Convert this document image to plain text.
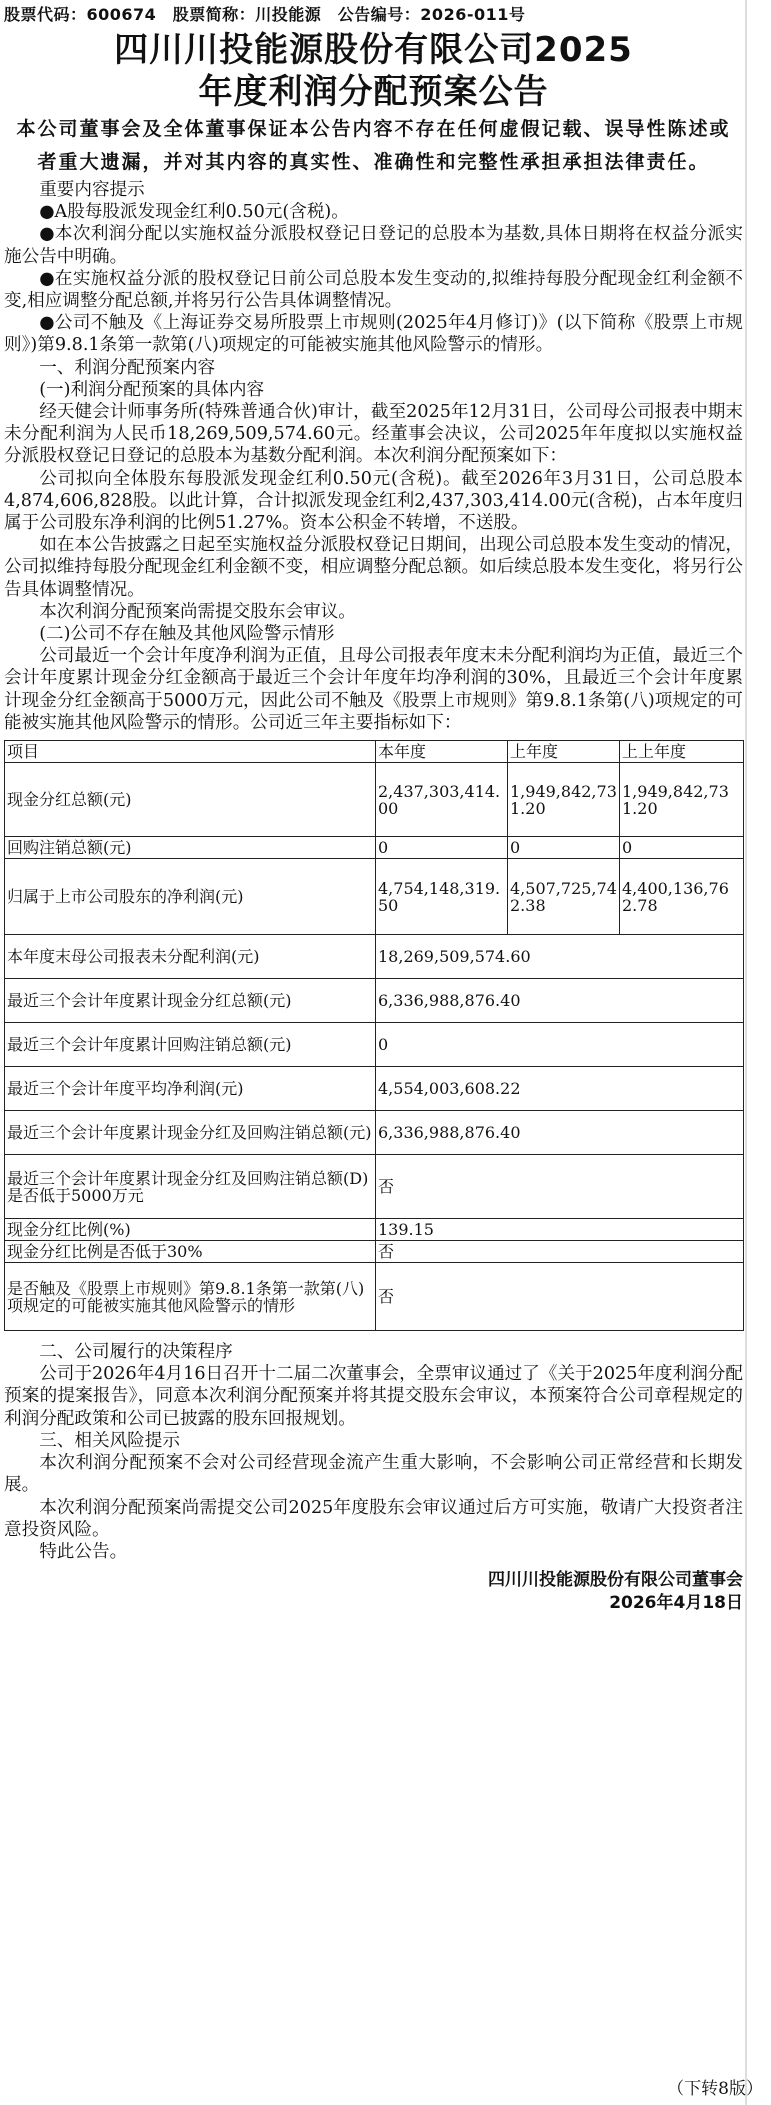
股票代码：600674　股票简称：川投能源　公告编号：2026-011号
四川川投能源股份有限公司2025
年度利润分配预案公告
本公司董事会及全体董事保证本公告内容不存在任何虚假记载、误导性陈述或者重大遗漏，并对其内容的真实性、准确性和完整性承担承担法律责任。

重要内容提示

●A股每股派发现金红利0.50元(含税)。

●本次利润分配以实施权益分派股权登记日登记的总股本为基数,具体日期将在权益分派实施公告中明确。

●在实施权益分派的股权登记日前公司总股本发生变动的,拟维持每股分配现金红利金额不变,相应调整分配总额,并将另行公告具体调整情况。

●公司不触及《上海证券交易所股票上市规则(2025年4月修订)》(以下简称《股票上市规则》)第9.8.1条第一款第(八)项规定的可能被实施其他风险警示的情形。

一、利润分配预案内容

(一)利润分配预案的具体内容

经天健会计师事务所(特殊普通合伙)审计，截至2025年12月31日，公司母公司报表中期末未分配利润为人民币18,269,509,574.60元。经董事会决议，公司2025年年度拟以实施权益分派股权登记日登记的总股本为基数分配利润。本次利润分配预案如下：

公司拟向全体股东每股派发现金红利0.50元(含税)。截至2026年3月31日，公司总股本4,874,606,828股。以此计算，合计拟派发现金红利2,437,303,414.00元(含税)，占本年度归属于公司股东净利润的比例51.27%。资本公积金不转增，不送股。

如在本公告披露之日起至实施权益分派股权登记日期间，出现公司总股本发生变动的情况，公司拟维持每股分配现金红利金额不变，相应调整分配总额。如后续总股本发生变化，将另行公告具体调整情况。

本次利润分配预案尚需提交股东会审议。

(二)公司不存在触及其他风险警示情形

公司最近一个会计年度净利润为正值，且母公司报表年度末未分配利润均为正值，最近三个会计年度累计现金分红金额高于最近三个会计年度年均净利润的30%，且最近三个会计年度累计现金分红金额高于5000万元，因此公司不触及《股票上市规则》第9.8.1条第(八)项规定的可能被实施其他风险警示的情形。公司近三年主要指标如下：

项目	本年度	上年度	上上年度
现金分红总额(元)	2,437,303,414.00	1,949,842,731.20	1,949,842,731.20
回购注销总额(元)	0	0	0
归属于上市公司股东的净利润(元)	4,754,148,319.50	4,507,725,742.38	4,400,136,762.78
本年度末母公司报表未分配利润(元)	18,269,509,574.60		
最近三个会计年度累计现金分红总额(元)	6,336,988,876.40		
最近三个会计年度累计回购注销总额(元)	0		
最近三个会计年度平均净利润(元)	4,554,003,608.22		
最近三个会计年度累计现金分红及回购注销总额(元)	6,336,988,876.40		
最近三个会计年度累计现金分红及回购注销总额(D)是否低于5000万元	否		
现金分红比例(%)	139.15		
现金分红比例是否低于30%	否		
是否触及《股票上市规则》第9.8.1条第一款第(八)项规定的可能被实施其他风险警示的情形	否		

二、公司履行的决策程序

公司于2026年4月16日召开十二届二次董事会，全票审议通过了《关于2025年度利润分配预案的提案报告》，同意本次利润分配预案并将其提交股东会审议，本预案符合公司章程规定的利润分配政策和公司已披露的股东回报规划。

三、相关风险提示

本次利润分配预案不会对公司经营现金流产生重大影响，不会影响公司正常经营和长期发展。

本次利润分配预案尚需提交公司2025年度股东会审议通过后方可实施，敬请广大投资者注意投资风险。

特此公告。

四川川投能源股份有限公司董事会
2026年4月18日
（下转8版）
